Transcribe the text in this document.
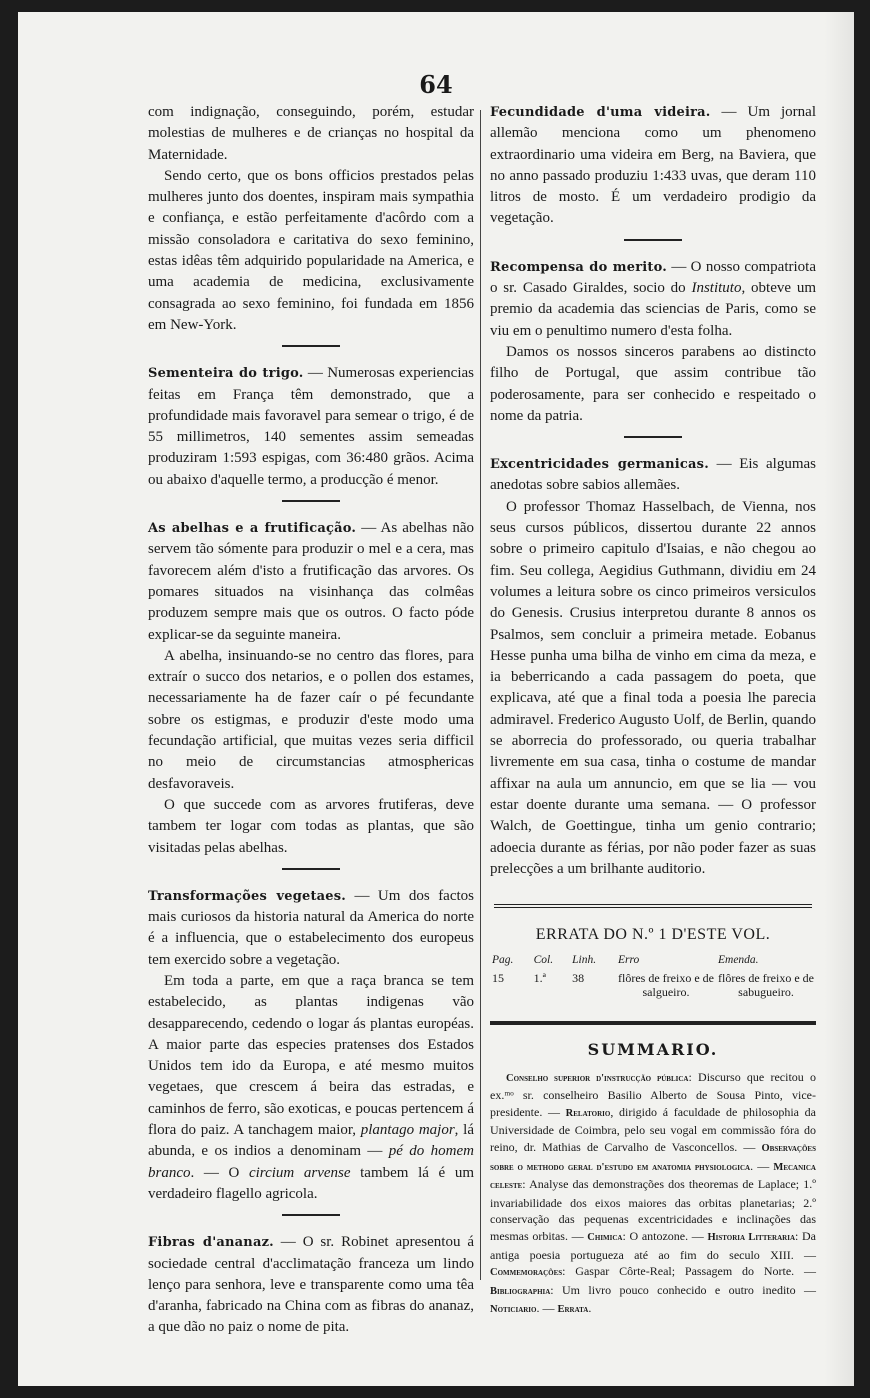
64

com indignação, conseguindo, porém, estudar molestias de mulheres e de crianças no hospital da Maternidade.

Sendo certo, que os bons officios prestados pelas mulheres junto dos doentes, inspiram mais sympathia e confiança, e estão perfeitamente d'acôrdo com a missão consoladora e caritativa do sexo feminino, estas idêas têm adquirido popularidade na America, e uma academia de medicina, exclusivamente consagrada ao sexo feminino, foi fundada em 1856 em New-York.

Sementeira do trigo. — Numerosas experiencias feitas em França têm demonstrado, que a profundidade mais favoravel para semear o trigo, é de 55 millimetros, 140 sementes assim semeadas produziram 1:593 espigas, com 36:480 grãos. Acima ou abaixo d'aquelle termo, a producção é menor.

As abelhas e a frutificação. — As abelhas não servem tão sómente para produzir o mel e a cera, mas favorecem além d'isto a frutificação das arvores. Os pomares situados na visinhança das colmêas produzem sempre mais que os outros. O facto póde explicar-se da seguinte maneira.

A abelha, insinuando-se no centro das flores, para extraír o succo dos netarios, e o pollen dos estames, necessariamente ha de fazer caír o pé fecundante sobre os estigmas, e produzir d'este modo uma fecundação artificial, que muitas vezes seria difficil no meio de circumstancias atmosphericas desfavoraveis.

O que succede com as arvores frutiferas, deve tambem ter logar com todas as plantas, que são visitadas pelas abelhas.

Transformações vegetaes. — Um dos factos mais curiosos da historia natural da America do norte é a influencia, que o estabelecimento dos europeus tem exercido sobre a vegetação.

Em toda a parte, em que a raça branca se tem estabelecido, as plantas indigenas vão desapparecendo, cedendo o logar ás plantas européas. A maior parte das especies pratenses dos Estados Unidos tem ido da Europa, e até mesmo muitos vegetaes, que crescem á beira das estradas, e caminhos de ferro, são exoticas, e poucas pertencem á flora do paiz. A tanchagem maior, plantago major, lá abunda, e os indios a denominam — pé do homem branco. — O circium arvense tambem lá é um verdadeiro flagello agricola.

Fibras d'ananaz. — O sr. Robinet apresentou á sociedade central d'acclimatação franceza um lindo lenço para senhora, leve e transparente como uma têa d'aranha, fabricado na China com as fibras do ananaz, a que dão no paiz o nome de pita.

Fecundidade d'uma videira. — Um jornal allemão menciona como um phenomeno extraordinario uma videira em Berg, na Baviera, que no anno passado produziu 1:433 uvas, que deram 110 litros de mosto. É um verdadeiro prodigio da vegetação.

Recompensa do merito. — O nosso compatriota o sr. Casado Giraldes, socio do Instituto, obteve um premio da academia das sciencias de Paris, como se viu em o penultimo numero d'esta folha.

Damos os nossos sinceros parabens ao distincto filho de Portugal, que assim contribue tão poderosamente, para ser conhecido e respeitado o nome da patria.

Excentricidades germanicas. — Eis algumas anedotas sobre sabios allemães.

O professor Thomaz Hasselbach, de Vienna, nos seus cursos públicos, dissertou durante 22 annos sobre o primeiro capitulo d'Isaias, e não chegou ao fim. Seu collega, Aegidius Guthmann, dividiu em 24 volumes a leitura sobre os cinco primeiros versiculos do Genesis. Crusius interpretou durante 8 annos os Psalmos, sem concluir a primeira metade. Eobanus Hesse punha uma bilha de vinho em cima da meza, e ia beberricando a cada passagem do poeta, que explicava, até que a final toda a poesia lhe parecia admiravel. Frederico Augusto Uolf, de Berlin, quando se aborrecia do professorado, ou queria trabalhar livremente em sua casa, tinha o costume de mandar affixar na aula um annuncio, em que se lia — vou estar doente durante uma semana. — O professor Walch, de Goettingue, tinha um genio contrario; adoecia durante as férias, por não poder fazer as suas prelecções a um brilhante auditorio.

ERRATA DO N.º 1 D'ESTE VOL.
Pag.	Col.	Linh.	Erro	Emenda.
15	1.ª	38	flôres de freixo e de salgueiro.	flôres de freixo e de sabugueiro.
SUMMARIO.

Conselho superior d'instrucção pública: Discurso que recitou o ex.ᵐᵒ sr. conselheiro Basilio Alberto de Sousa Pinto, vice-presidente. — Relatorio, dirigido á faculdade de philosophia da Universidade de Coimbra, pelo seu vogal em commissão fóra do reino, dr. Mathias de Carvalho de Vasconcellos. — Observações sobre o methodo geral d'estudo em anatomia physiologica. — Mecanica celeste: Analyse das demonstrações dos theoremas de Laplace; 1.º invariabilidade dos eixos maiores das orbitas planetarias; 2.º conservação das pequenas excentricidades e inclinações das mesmas orbitas. — Chimica: O antozone. — Historia Litteraria: Da antiga poesia portugueza até ao fim do seculo XIII. — Commemorações: Gaspar Côrte-Real; Passagem do Norte. — Bibliographia: Um livro pouco conhecido e outro inedito — Noticiario. — Errata.
